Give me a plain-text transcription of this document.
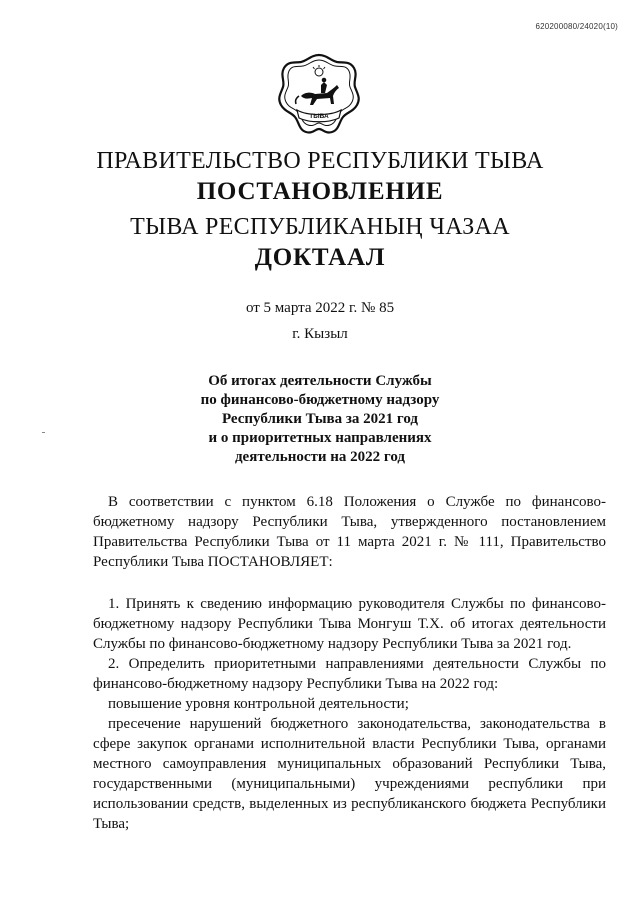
620200080/24020(10)
ТЫВА
ПРАВИТЕЛЬСТВО РЕСПУБЛИКИ ТЫВА
ПОСТАНОВЛЕНИЕ
ТЫВА РЕСПУБЛИКАНЫҢ ЧАЗАА
ДОКТААЛ
от 5 марта 2022 г. № 85
г. Кызыл
Об итогах деятельности Службы
по финансово-бюджетному надзору
Республики Тыва за 2021 год
и о приоритетных направлениях
деятельности на 2022 год
В соответствии с пунктом 6.18 Положения о Службе по финансово-бюджетному надзору Республики Тыва, утвержденного постановлением Правительства Республики Тыва от 11 марта 2021 г. № 111, Правительство Республики Тыва ПОСТАНОВЛЯЕТ:

1. Принять к сведению информацию руководителя Службы по финансово-бюджетному надзору Республики Тыва Монгуш Т.Х. об итогах деятельности Службы по финансово-бюджетному надзору Республики Тыва за 2021 год.

2. Определить приоритетными направлениями деятельности Службы по финансово-бюджетному надзору Республики Тыва на 2022 год:

повышение уровня контрольной деятельности;

пресечение нарушений бюджетного законодательства, законодательства в сфере закупок органами исполнительной власти Республики Тыва, органами местного самоуправления муниципальных образований Республики Тыва, государственными (муниципальными) учреждениями республики при использовании средств, выделенных из республиканского бюджета Республики Тыва;
